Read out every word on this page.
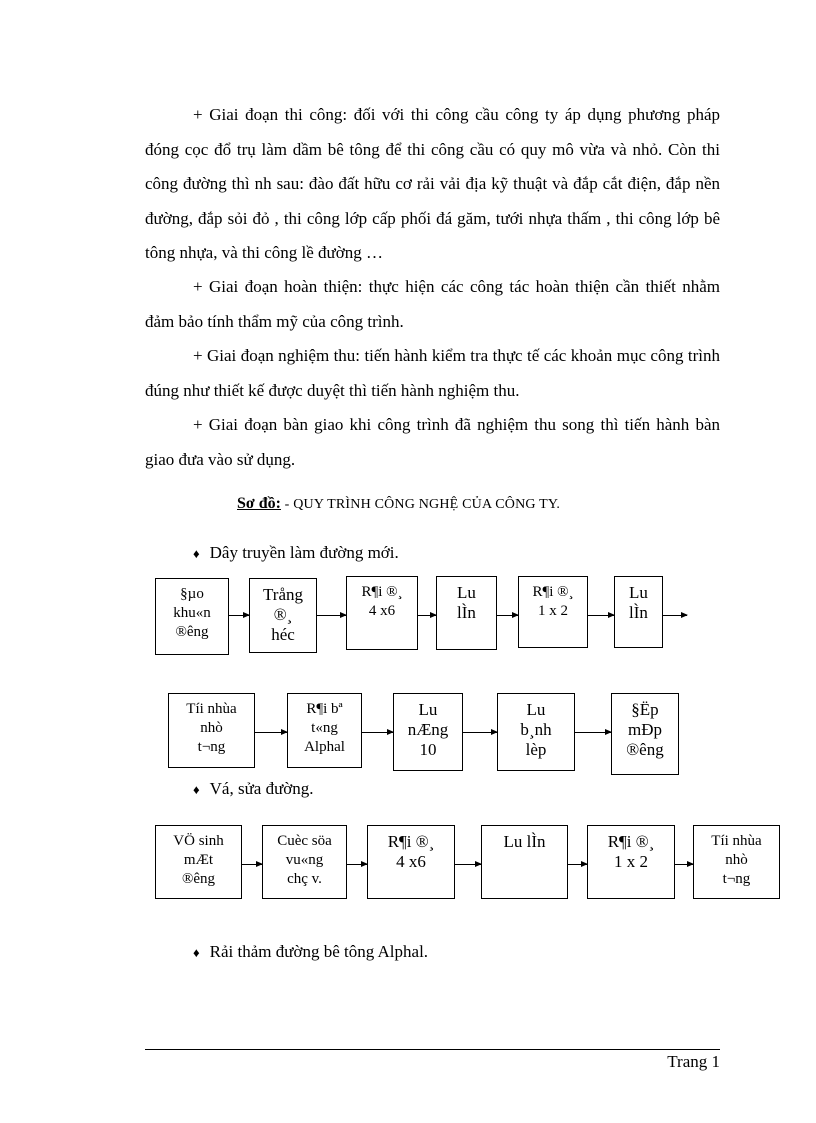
+ Giai đoạn thi công: đối với thi công cầu công ty áp dụng phương pháp đóng cọc đổ trụ làm dầm bê tông để thi công cầu có quy mô vừa và nhỏ. Còn thi công đường thì nh sau: đào đất hữu cơ rải vải địa kỹ thuật và đắp cắt điện, đắp nền đường, đắp sỏi đỏ , thi công lớp cấp phối đá găm, tưới nhựa thấm , thi công lớp bê tông nhựa, và thi công lề đường …

+ Giai đoạn hoàn thiện: thực hiện các công tác hoàn thiện cần thiết nhằm đảm bảo tính thẩm mỹ của công trình.

+ Giai đoạn nghiệm thu: tiến hành kiểm tra thực tế các khoản mục công trình đúng như thiết kế được duyệt thì tiến hành nghiệm thu.

+ Giai đoạn bàn giao khi công trình đã nghiệm thu song thì tiến hành bàn giao đưa vào sử dụng.

Sơ đồ: - QUY TRÌNH CÔNG NGHỆ CỦA CÔNG TY.
♦ Dây truyền làm đường mới.
§µo
khu«n
®êng
Trång
®¸
héc
R¶i ®¸
4 x6
Lu
lÌn
R¶i ®¸
1 x 2
Lu
lÌn
Tíi nhùa
nhò
t¬ng
R¶i bª
t«ng
Alphal
Lu
nÆng
10
Lu
b¸nh
lèp
§Ëp
mÐp
®êng
♦ Vá, sửa đường.
VÖ sinh
mÆt
®êng
Cuèc söa
vu«ng
chç v.
R¶i ®¸
4 x6
Lu lÌn	R¶i ®¸
1 x 2
Tíi nhùa
nhò
t¬ng
♦ Rải thảm đường bê tông Alphal.
Trang 1
